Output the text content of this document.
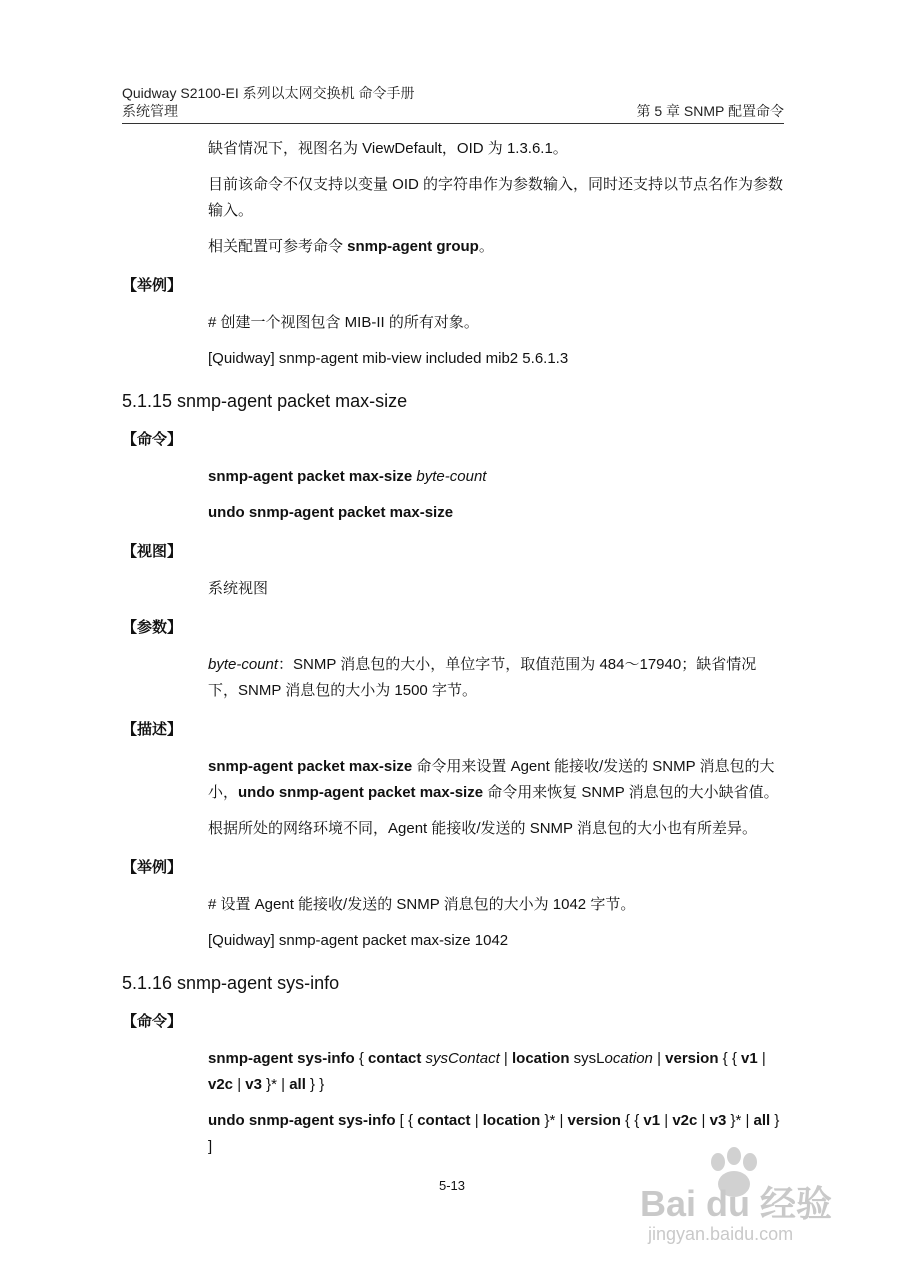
Quidway S2100-EI 系列以太网交换机 命令手册
系统管理	第 5 章 SNMP 配置命令

缺省情况下，视图名为 ViewDefault，OID 为 1.3.6.1。

目前该命令不仅支持以变量 OID 的字符串作为参数输入，同时还支持以节点名作为参数输入。

相关配置可参考命令 snmp-agent group。

【举例】

# 创建一个视图包含 MIB-II 的所有对象。

[Quidway] snmp-agent mib-view included mib2 5.6.1.3

5.1.15 snmp-agent packet max-size
【命令】

snmp-agent packet max-size byte-count

undo snmp-agent packet max-size

【视图】

系统视图

【参数】

byte-count：SNMP 消息包的大小，单位字节，取值范围为 484～17940；缺省情况下，SNMP 消息包的大小为 1500 字节。

【描述】

snmp-agent packet max-size 命令用来设置 Agent 能接收/发送的 SNMP 消息包的大小，undo snmp-agent packet max-size 命令用来恢复 SNMP 消息包的大小缺省值。

根据所处的网络环境不同，Agent 能接收/发送的 SNMP 消息包的大小也有所差异。

【举例】

# 设置 Agent 能接收/发送的 SNMP 消息包的大小为 1042 字节。

[Quidway] snmp-agent packet max-size 1042

5.1.16 snmp-agent sys-info
【命令】

snmp-agent sys-info { contact sysContact | location sysLocation | version { { v1 | v2c | v3 }* | all } }

undo snmp-agent sys-info [ { contact | location }* | version { { v1 | v2c | v3 }* | all } ]

5-13	Bai du 经验
jingyan.baidu.com
